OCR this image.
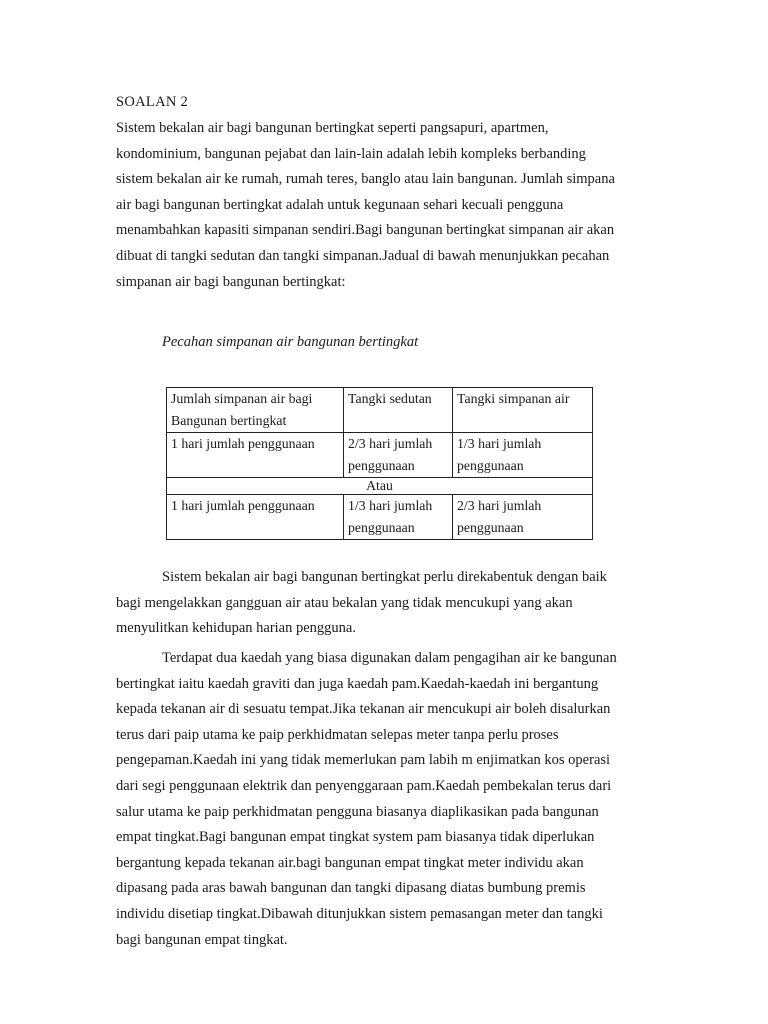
SOALAN 2
Sistem bekalan air bagi bangunan bertingkat seperti pangsapuri, apartmen,
kondominium, bangunan pejabat dan lain-lain adalah lebih kompleks berbanding
sistem bekalan air ke rumah, rumah teres, banglo atau lain bangunan. Jumlah simpana
air bagi bangunan bertingkat adalah untuk kegunaan sehari kecuali pengguna
menambahkan kapasiti simpanan sendiri.Bagi bangunan bertingkat simpanan air akan
dibuat di tangki sedutan dan tangki simpanan.Jadual di bawah menunjukkan pecahan
simpanan air bagi bangunan bertingkat:
Pecahan simpanan air bangunan bertingkat
Jumlah simpanan air bagi
Bangunan bertingkat	Tangki sedutan	Tangki simpanan air

1 hari jumlah penggunaan	2/3 hari jumlah
penggunaan	1/3 hari jumlah
penggunaan

Atau		

1 hari jumlah penggunaan	1/3 hari jumlah
penggunaan	2/3 hari jumlah
penggunaan
Sistem bekalan air bagi bangunan bertingkat perlu direkabentuk dengan baik
bagi mengelakkan gangguan air atau bekalan yang tidak mencukupi yang akan
menyulitkan kehidupan harian pengguna.
Terdapat dua kaedah yang biasa digunakan dalam pengagihan air ke bangunan
bertingkat iaitu kaedah graviti dan juga kaedah pam.Kaedah-kaedah ini bergantung
kepada tekanan air di sesuatu tempat.Jika tekanan air mencukupi air boleh disalurkan
terus dari paip utama ke paip perkhidmatan selepas meter tanpa perlu proses
pengepaman.Kaedah ini yang tidak memerlukan pam labih m enjimatkan kos operasi
dari segi penggunaan elektrik dan penyenggaraan pam.Kaedah pembekalan terus dari
salur utama ke paip perkhidmatan pengguna biasanya diaplikasikan pada bangunan
empat tingkat.Bagi bangunan empat tingkat system pam biasanya tidak diperlukan
bergantung kepada tekanan air.bagi bangunan empat tingkat meter individu akan
dipasang pada aras bawah bangunan dan tangki dipasang diatas bumbung premis
individu disetiap tingkat.Dibawah ditunjukkan sistem pemasangan meter dan tangki
bagi bangunan empat tingkat.
